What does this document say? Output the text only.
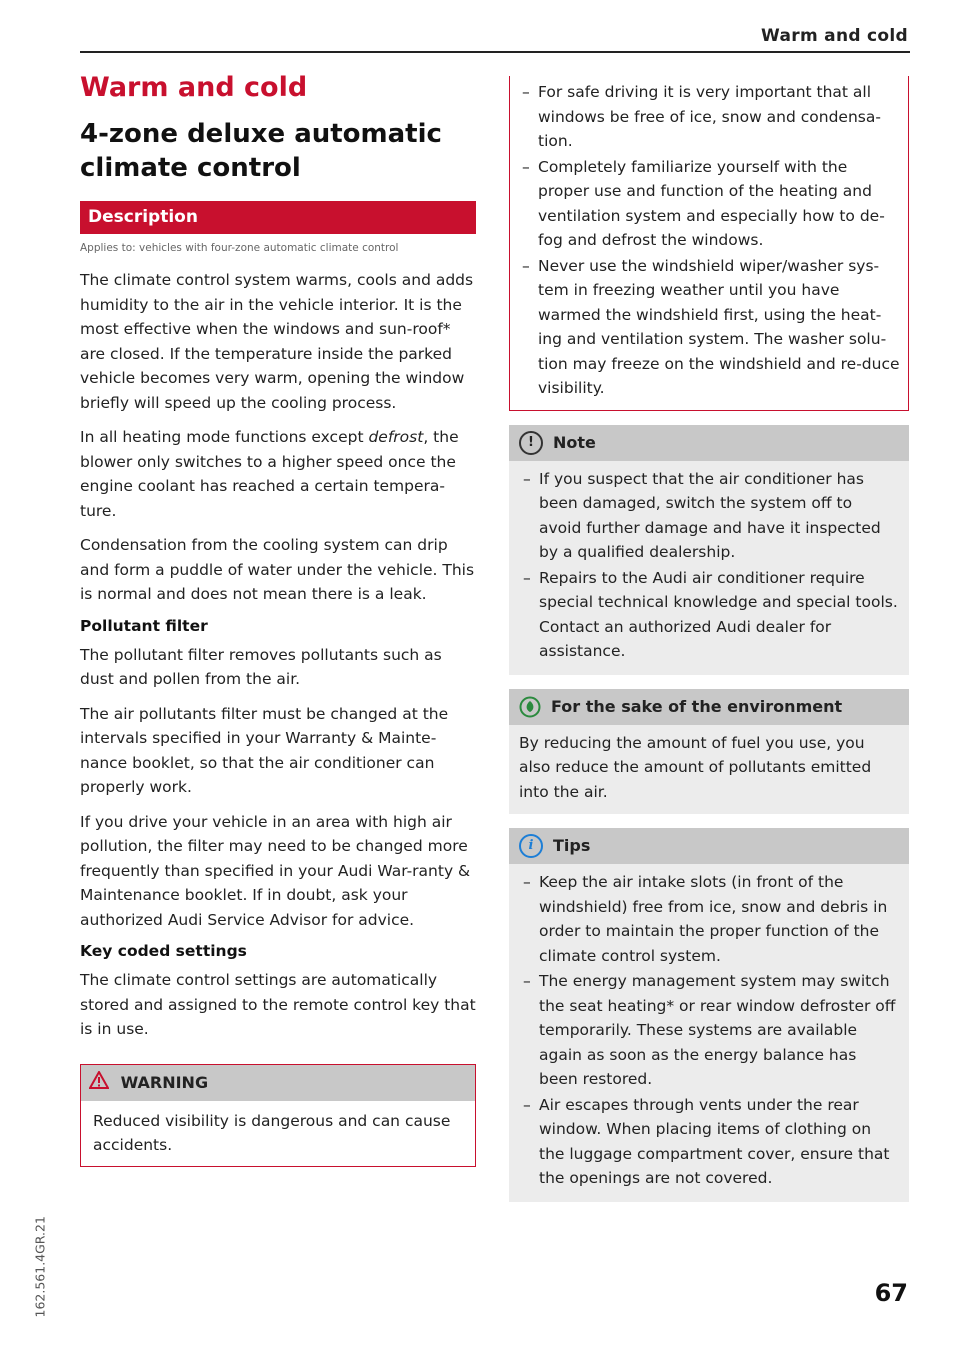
Warm and cold
Warm and cold
4-zone deluxe automatic climate control
Description
Applies to: vehicles with four-zone automatic climate control

The climate control system warms, cools and adds humidity to the air in the vehicle interior. It is the most effective when the windows and sun-roof* are closed. If the temperature inside the parked vehicle becomes very warm, opening the window briefly will speed up the cooling process.

In all heating mode functions except defrost, the blower only switches to a higher speed once the engine coolant has reached a certain tempera-ture.

Condensation from the cooling system can drip and form a puddle of water under the vehicle. This is normal and does not mean there is a leak.

Pollutant filter

The pollutant filter removes pollutants such as dust and pollen from the air.

The air pollutants filter must be changed at the intervals specified in your Warranty & Mainte-nance booklet, so that the air conditioner can properly work.

If you drive your vehicle in an area with high air pollution, the filter may need to be changed more frequently than specified in your Audi War-ranty & Maintenance booklet. If in doubt, ask your authorized Audi Service Advisor for advice.

Key coded settings

The climate control settings are automatically stored and assigned to the remote control key that is in use.

WARNING
Reduced visibility is dangerous and can cause accidents.
– For safe driving it is very important that all windows be free of ice, snow and condensa-tion.
– Completely familiarize yourself with the proper use and function of the heating and ventilation system and especially how to de-fog and defrost the windows.
– Never use the windshield wiper/washer sys-tem in freezing weather until you have warmed the windshield first, using the heat-ing and ventilation system. The washer solu-tion may freeze on the windshield and re-duce visibility.
!	Note
– If you suspect that the air conditioner has been damaged, switch the system off to avoid further damage and have it inspected by a qualified dealership.
– Repairs to the Audi air conditioner require special technical knowledge and special tools. Contact an authorized Audi dealer for assistance.
For the sake of the environment

By reducing the amount of fuel you use, you also reduce the amount of pollutants emitted into the air.

i	Tips
– Keep the air intake slots (in front of the windshield) free from ice, snow and debris in order to maintain the proper function of the climate control system.
– The energy management system may switch the seat heating* or rear window defroster off temporarily. These systems are available again as soon as the energy balance has been restored.
– Air escapes through vents under the rear window. When placing items of clothing on the luggage compartment cover, ensure that the openings are not covered.
162.561.4GR.21	67
